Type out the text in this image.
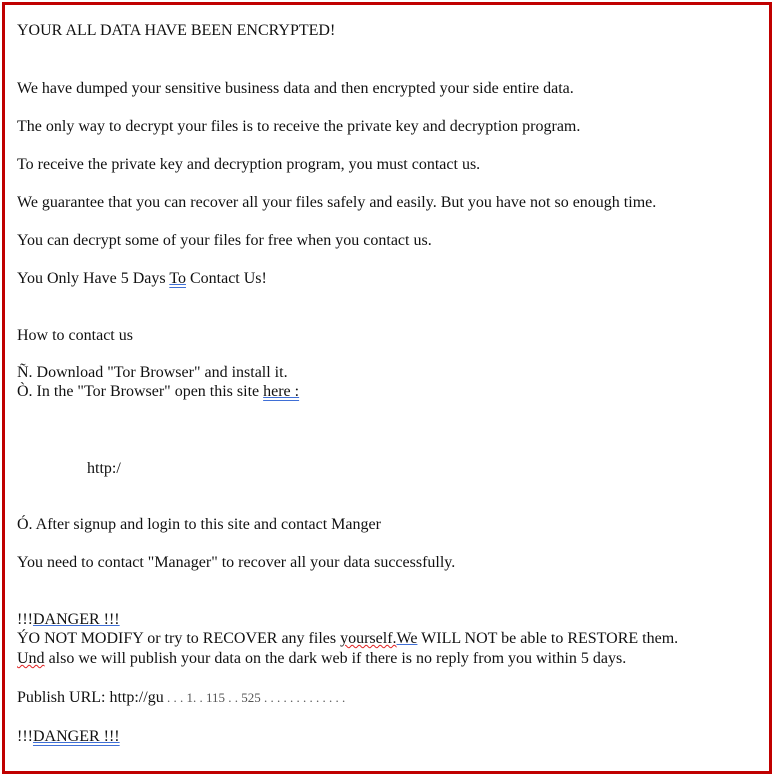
YOUR ALL DATA HAVE BEEN ENCRYPTED!
We have dumped your sensitive business data and then encrypted your side entire data.
The only way to decrypt your files is to receive the private key and decryption program.
To receive the private key and decryption program, you must contact us.
We guarantee that you can recover all your files safely and easily. But you have not so enough time.
You can decrypt some of your files for free when you contact us.
You Only Have 5 Days To Contact Us!
How to contact us
Ñ. Download "Tor Browser" and install it.
Ò. In the "Tor Browser" open this site here :
http:/
Ó. After signup and login to this site and contact Manger
You need to contact "Manager" to recover all your data successfully.
!!!DANGER !!!
ÝO NOT MODIFY or try to RECOVER any files yourself.We WILL NOT be able to RESTORE them.
Und also we will publish your data on the dark web if there is no reply from you within 5 days.
Publish URL: http://gu . . . 1. . 115 . . 525 . . . . . . . . . . . . .
!!!DANGER !!!
